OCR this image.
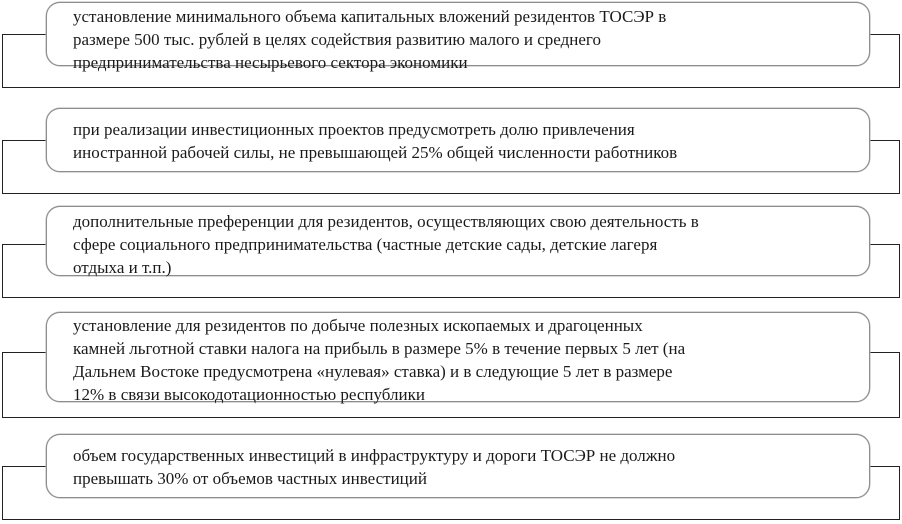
установление минимального объема капитальных вложений резидентов ТОСЭР в
размере 500 тыс. рублей в целях содействия развитию малого и среднего
предпринимательства несырьевого сектора экономики
при реализации инвестиционных проектов предусмотреть долю привлечения
иностранной рабочей силы, не превышающей 25% общей численности работников
дополнительные преференции для резидентов, осуществляющих свою деятельность в
сфере социального предпринимательства (частные детские сады, детские лагеря
отдыха и т.п.)
установление для резидентов по добыче полезных ископаемых и драгоценных
камней льготной ставки налога на прибыль в размере 5% в течение первых 5 лет (на
Дальнем Востоке предусмотрена «нулевая» ставка) и в следующие 5 лет в размере
12% в связи высокодотационностью республики
объем государственных инвестиций в инфраструктуру и дороги ТОСЭР не должно
превышать 30% от объемов частных инвестиций
